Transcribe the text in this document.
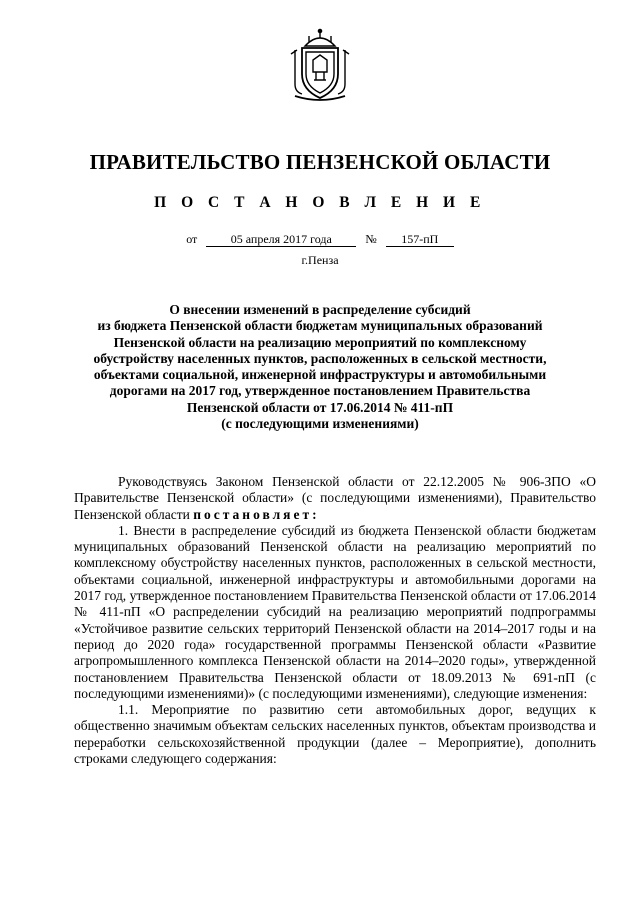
ПРАВИТЕЛЬСТВО ПЕНЗЕНСКОЙ ОБЛАСТИ
П О С Т А Н О В Л Е Н И Е
от	05 апреля 2017 года	№ 157-пП
г.Пенза
О внесении изменений в распределение субсидий
из бюджета Пензенской области бюджетам муниципальных образований
Пензенской области на реализацию мероприятий по комплексному
обустройству населенных пунктов, расположенных в сельской местности,
объектами социальной, инженерной инфраструктуры и автомобильными
дорогами на 2017 год, утвержденное постановлением Правительства
Пензенской области от 17.06.2014 № 411-пП
(с последующими изменениями)

Руководствуясь Законом Пензенской области от 22.12.2005 № 906-ЗПО «О Правительстве Пензенской области» (с последующими изменениями), Правительство Пензенской области постановляет:

1. Внести в распределение субсидий из бюджета Пензенской области бюджетам муниципальных образований Пензенской области на реализацию мероприятий по комплексному обустройству населенных пунктов, расположенных в сельской местности, объектами социальной, инженерной инфраструктуры и автомобильными дорогами на 2017 год, утвержденное постановлением Правительства Пензенской области от 17.06.2014 № 411-пП «О распределении субсидий на реализацию мероприятий подпрограммы «Устойчивое развитие сельских территорий Пензенской области на 2014–2017 годы и на период до 2020 года» государственной программы Пензенской области «Развитие агропромышленного комплекса Пензенской области на 2014–2020 годы», утвержденной постановлением Правительства Пензенской области от 18.09.2013 № 691-пП (с последующими изменениями)» (с последующими изменениями), следующие изменения:

1.1. Мероприятие по развитию сети автомобильных дорог, ведущих к общественно значимым объектам сельских населенных пунктов, объектам производства и переработки сельскохозяйственной продукции (далее – Мероприятие), дополнить строками следующего содержания:
